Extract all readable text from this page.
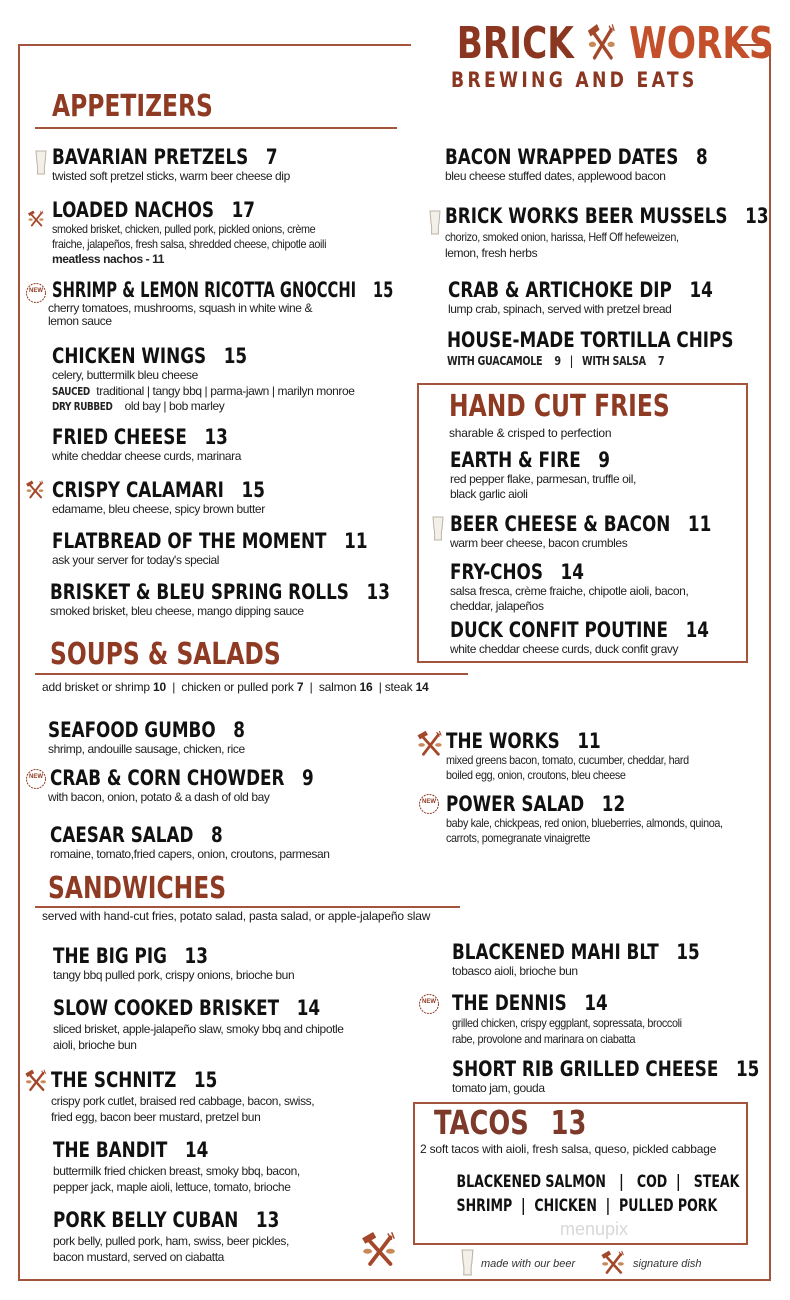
BRICK WORKS
BREWING AND EATS
APPETIZERS
BAVARIAN PRETZELS 7
twisted soft pretzel sticks, warm beer cheese dip
LOADED NACHOS 17
smoked brisket, chicken, pulled pork, pickled onions, crème
fraiche, jalapeños, fresh salsa, shredded cheese, chipotle aoili
meatless nachos - 11
NEW SHRIMP & LEMON RICOTTA GNOCCHI 15
cherry tomatoes, mushrooms, squash in white wine &
lemon sauce
CHICKEN WINGS 15
celery, buttermilk bleu cheese
SAUCED traditional | tangy bbq | parma-jawn | marilyn monroe
DRY RUBBED old bay | bob marley
FRIED CHEESE 13
white cheddar cheese curds, marinara
CRISPY CALAMARI 15
edamame, bleu cheese, spicy brown butter
FLATBREAD OF THE MOMENT 11
ask your server for today's special
BRISKET & BLEU SPRING ROLLS 13
smoked brisket, bleu cheese, mango dipping sauce
BACON WRAPPED DATES 8
bleu cheese stuffed dates, applewood bacon
BRICK WORKS BEER MUSSELS 13
chorizo, smoked onion, harissa, Heff Off hefeweizen,
lemon, fresh herbs
CRAB & ARTICHOKE DIP 14
lump crab, spinach, served with pretzel bread
HOUSE-MADE TORTILLA CHIPS
WITH GUACAMOLE    9   |   WITH SALSA    7
HAND CUT FRIES
sharable & crisped to perfection
EARTH & FIRE 9
red pepper flake, parmesan, truffle oil,
black garlic aioli
BEER CHEESE & BACON 11
warm beer cheese, bacon crumbles
FRY-CHOS 14
salsa fresca, crème fraiche, chipotle aioli, bacon,
cheddar, jalapeños
DUCK CONFIT POUTINE 14
white cheddar cheese curds, duck confit gravy
SOUPS & SALADS
add brisket or shrimp 10  |  chicken or pulled pork 7  |  salmon 16  | steak 14
SEAFOOD GUMBO 8
shrimp, andouille sausage, chicken, rice
NEW CRAB & CORN CHOWDER 9
with bacon, onion, potato & a dash of old bay
CAESAR SALAD 8
romaine, tomato,fried capers, onion, croutons, parmesan
THE WORKS 11
mixed greens bacon, tomato, cucumber, cheddar, hard
boiled egg, onion, croutons, bleu cheese
NEW POWER SALAD 12
baby kale, chickpeas, red onion, blueberries, almonds, quinoa,
carrots, pomegranate vinaigrette
SANDWICHES
served with hand-cut fries, potato salad, pasta salad, or apple-jalapeño slaw
THE BIG PIG 13
tangy bbq pulled pork, crispy onions, brioche bun
SLOW COOKED BRISKET 14
sliced brisket, apple-jalapeño slaw, smoky bbq and chipotle
aioli, brioche bun
THE SCHNITZ 15
crispy pork cutlet, braised red cabbage, bacon, swiss,
fried egg, bacon beer mustard, pretzel bun
THE BANDIT 14
buttermilk fried chicken breast, smoky bbq, bacon,
pepper jack, maple aioli, lettuce, tomato, brioche
PORK BELLY CUBAN 13
pork belly, pulled pork, ham, swiss, beer pickles,
bacon mustard, served on ciabatta
BLACKENED MAHI BLT 15
tobasco aioli, brioche bun
NEW THE DENNIS 14
grilled chicken, crispy eggplant, sopressata, broccoli
rabe, provolone and marinara on ciabatta
SHORT RIB GRILLED CHEESE 15
tomato jam, gouda
TACOS 13
2 soft tacos with aioli, fresh salsa, queso, pickled cabbage
BLACKENED SALMON   |   COD  |   STEAK
SHRIMP  |  CHICKEN  |  PULLED PORK
menupix
made with our beer	signature dish
